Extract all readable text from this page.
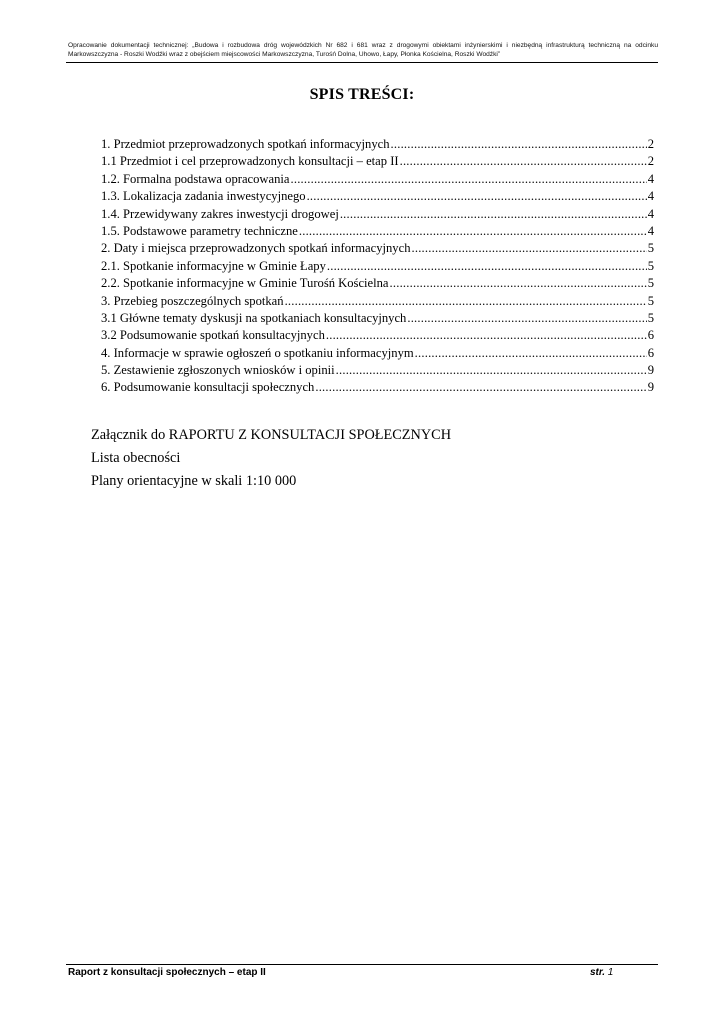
Opracowanie dokumentacji technicznej: „Budowa i rozbudowa dróg wojewódzkich Nr 682 i 681 wraz z drogowymi obiektami inżynierskimi i niezbędną infrastrukturą techniczną na odcinku Markowszczyzna - Roszki Wodźki wraz z obejściem miejscowości Markowszczyzna, Turośń Dolna, Uhowo, Łapy, Płonka Kościelna, Roszki Wodźki”
SPIS TREŚCI:
1. Przedmiot przeprowadzonych spotkań informacyjnych .....	2
1.1 Przedmiot i cel przeprowadzonych konsultacji – etap II .....	2
1.2. Formalna podstawa opracowania .....	4
1.3. Lokalizacja zadania inwestycyjnego .....	4
1.4. Przewidywany zakres inwestycji drogowej .....	4
1.5. Podstawowe parametry techniczne .....	4
2. Daty i miejsca przeprowadzonych spotkań informacyjnych .....	5
2.1. Spotkanie informacyjne w Gminie Łapy .....	5
2.2. Spotkanie informacyjne w Gminie Turośń Kościelna .....	5
3. Przebieg poszczególnych spotkań .....	5
3.1 Główne tematy dyskusji na spotkaniach konsultacyjnych .....	5
3.2 Podsumowanie spotkań konsultacyjnych .....	6
4. Informacje w sprawie ogłoszeń o spotkaniu informacyjnym .....	6
5. Zestawienie zgłoszonych wniosków i opinii .....	9
6. Podsumowanie konsultacji społecznych .....	9
Załącznik do RAPORTU Z KONSULTACJI SPOŁECZNYCH
Lista obecności
Plany orientacyjne w skali 1:10 000
Raport z konsultacji społecznych – etap II	str. 1
